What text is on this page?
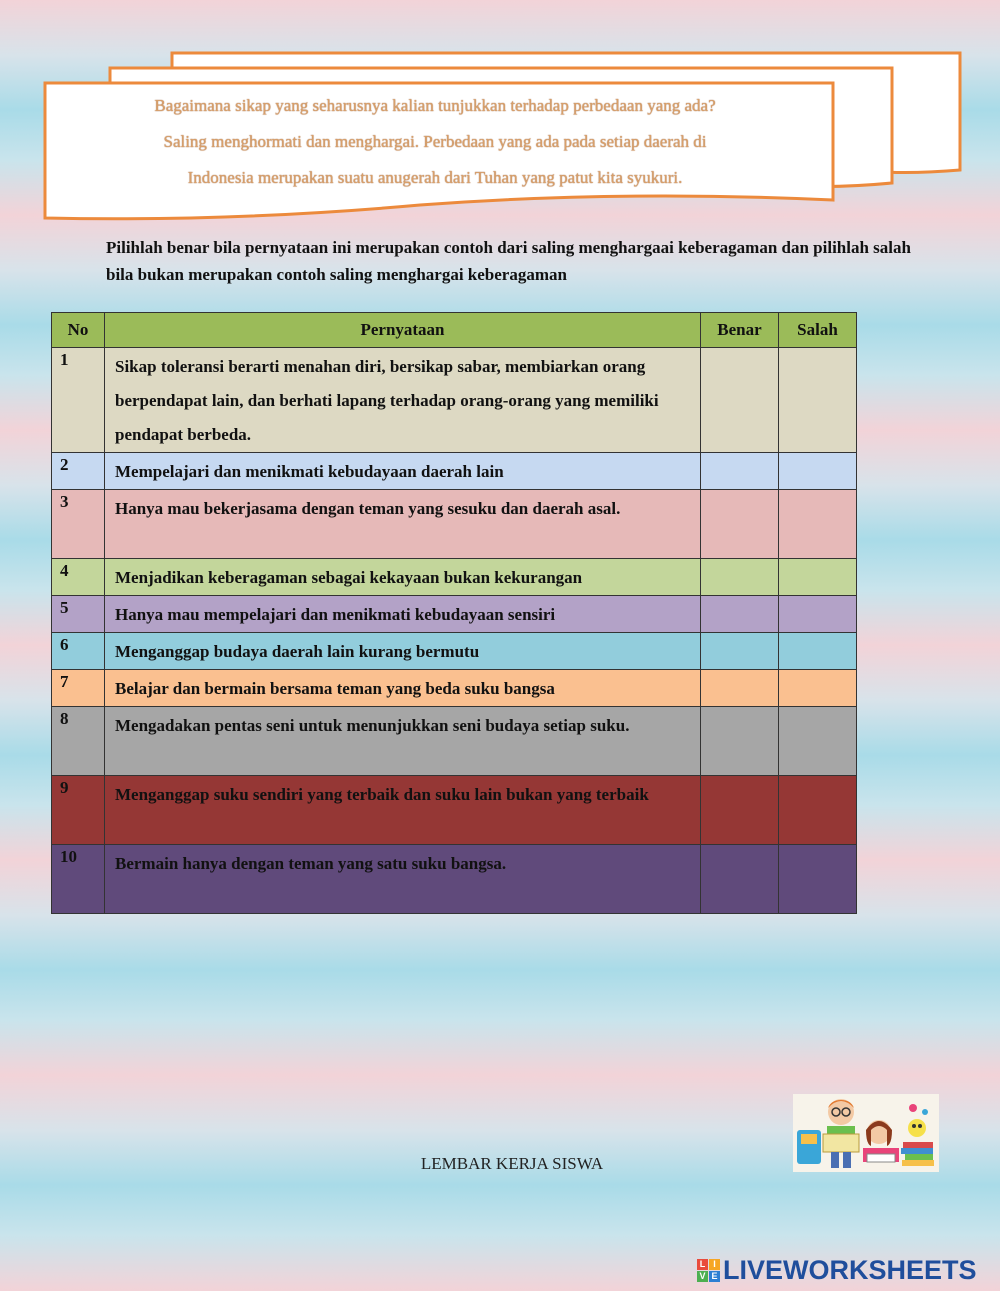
Bagaimana sikap yang seharusnya kalian tunjukkan terhadap perbedaan yang ada?
Saling menghormati dan menghargai. Perbedaan yang ada pada setiap daerah di
Indonesia merupakan suatu anugerah dari Tuhan yang patut kita syukuri.
Pilihlah benar bila pernyataan ini merupakan contoh dari saling menghargaai keberagaman dan pilihlah salah bila bukan merupakan contoh saling menghargai keberagaman
No	Pernyataan	Benar	Salah
1	Sikap toleransi berarti menahan diri, bersikap sabar, membiarkan orang berpendapat lain, dan berhati lapang terhadap orang-orang yang memiliki pendapat berbeda.		
2	Mempelajari dan menikmati kebudayaan daerah lain		
3	Hanya mau bekerjasama dengan teman yang sesuku dan daerah asal.		
4	Menjadikan keberagaman sebagai kekayaan bukan kekurangan		
5	Hanya mau mempelajari dan menikmati kebudayaan sensiri		
6	Menganggap budaya daerah lain kurang bermutu		
7	Belajar dan bermain bersama teman yang beda suku bangsa		
8	Mengadakan pentas seni untuk menunjukkan seni budaya setiap suku.		
9	Menganggap suku sendiri yang terbaik dan suku lain bukan yang terbaik		
10	Bermain hanya dengan teman yang satu suku bangsa.		
LEMBAR KERJA SISWA
L I
V E LIVEWORKSHEETS
